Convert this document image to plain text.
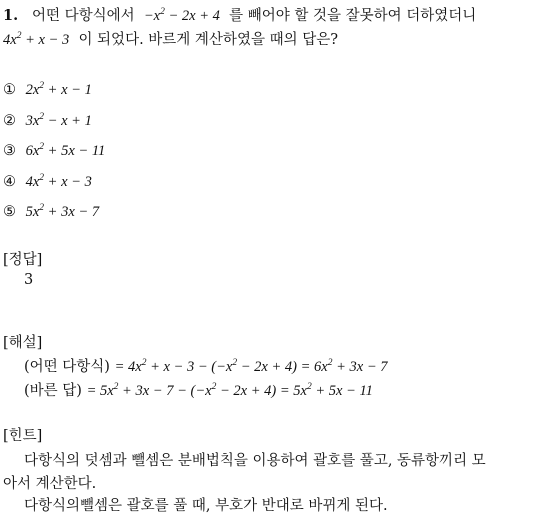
1. 어떤 다항식에서 $-x^2 - 2x + 4$ 를 빼어야 할 것을 잘못하여 더하였더니
$4x^2 + x - 3$ 이 되었다. 바르게 계산하였을 때의 답은?
① $2x^2 + x - 1$
② $3x^2 - x + 1$
③ $6x^2 + 5x - 11$
④ $4x^2 + x - 3$
⑤ $5x^2 + 3x - 7$
[정답]
3
[해설]
(어떤 다항식) = $4x^2 + x - 3 - (-x^2 - 2x + 4) = 6x^2 + 3x - 7$
(바른 답) = $5x^2 + 3x - 7 - (-x^2 - 2x + 4) = 5x^2 + 5x - 11$
[힌트]
다항식의 덧셈과 뺄셈은 분배법칙을 이용하여 괄호를 풀고, 동류항끼리 모
아서 계산한다.
다항식의뺄셈은 괄호를 풀 때, 부호가 반대로 바뀌게 된다.
